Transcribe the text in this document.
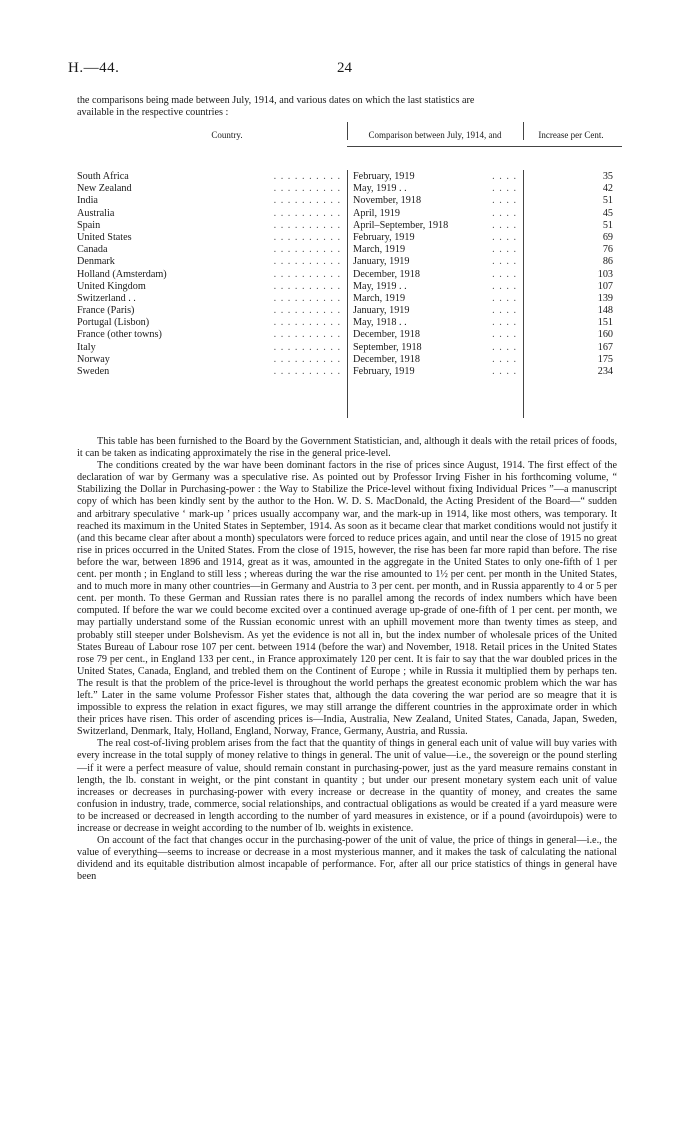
H.—44.	24
the comparisons being made between July, 1914, and various dates on which the last statistics are
available in the respective countries :
Country.	Comparison between July, 1914, and	Increase per Cent.
South Africa	. . . . . . . . . . February, 1919	. . . .	35
New Zealand	. . . . . . . . . . May, 1919 . .	. . . .	42
India	. . . . . . . . . . November, 1918	. . . .	51
Australia	. . . . . . . . . . April, 1919	. . . .	45
Spain	. . . . . . . . . . April–September, 1918	. . . .	51
United States	. . . . . . . . . . February, 1919	. . . .	69
Canada	. . . . . . . . . . March, 1919	. . . .	76
Denmark	. . . . . . . . . . January, 1919	. . . .	86
Holland (Amsterdam)	. . . . . . . . . . December, 1918	. . . .	103
United Kingdom	. . . . . . . . . . May, 1919 . .	. . . .	107
Switzerland . .	. . . . . . . . . . March, 1919	. . . .	139
France (Paris)	. . . . . . . . . . January, 1919	. . . .	148
Portugal (Lisbon)	. . . . . . . . . . May, 1918 . .	. . . .	151
France (other towns)	. . . . . . . . . . December, 1918	. . . .	160
Italy	. . . . . . . . . . September, 1918	. . . .	167
Norway	. . . . . . . . . . December, 1918	. . . .	175
Sweden	. . . . . . . . . . February, 1919	. . . .	234

This table has been furnished to the Board by the Government Statistician, and, although it deals with the retail prices of foods, it can be taken as indicating approximately the rise in the general price-level.

The conditions created by the war have been dominant factors in the rise of prices since August, 1914. The first effect of the declaration of war by Germany was a speculative rise. As pointed out by Professor Irving Fisher in his forthcoming volume, “ Stabilizing the Dollar in Purchasing-power : the Way to Stabilize the Price-level without fixing Individual Prices ”—a manuscript copy of which has been kindly sent by the author to the Hon. W. D. S. MacDonald, the Acting President of the Board—“ sudden and arbitrary speculative ‘ mark-up ’ prices usually accompany war, and the mark-up in 1914, like most others, was temporary. It reached its maximum in the United States in September, 1914. As soon as it became clear that market conditions would not justify it (and this became clear after about a month) speculators were forced to reduce prices again, and until near the close of 1915 no great rise in prices occurred in the United States. From the close of 1915, however, the rise has been far more rapid than before. The rise before the war, between 1896 and 1914, great as it was, amounted in the aggregate in the United States to only one-fifth of 1 per cent. per month ; in England to still less ; whereas during the war the rise amounted to 1½ per cent. per month in the United States, and to much more in many other countries—in Germany and Austria to 3 per cent. per month, and in Russia apparently to 4 or 5 per cent. per month. To these German and Russian rates there is no parallel among the records of index numbers which have been computed. If before the war we could become excited over a continued average up-grade of one-fifth of 1 per cent. per month, we may partially understand some of the Russian economic unrest with an uphill movement more than twenty times as steep, and probably still steeper under Bolshevism. As yet the evidence is not all in, but the index number of wholesale prices of the United States Bureau of Labour rose 107 per cent. between 1914 (before the war) and November, 1918. Retail prices in the United States rose 79 per cent., in England 133 per cent., in France approximately 120 per cent. It is fair to say that the war doubled prices in the United States, Canada, England, and trebled them on the Continent of Europe ; while in Russia it multiplied them by perhaps ten. The result is that the problem of the price-level is throughout the world perhaps the greatest economic problem which the war has left.” Later in the same volume Professor Fisher states that, although the data covering the war period are so meagre that it is impossible to express the relation in exact figures, we may still arrange the different countries in the approximate order in which their prices have risen. This order of ascending prices is—India, Australia, New Zealand, United States, Canada, Japan, Sweden, Switzerland, Denmark, Italy, Holland, England, Norway, France, Germany, Austria, and Russia.

The real cost-of-living problem arises from the fact that the quantity of things in general each unit of value will buy varies with every increase in the total supply of money relative to things in general. The unit of value—i.e., the sovereign or the pound sterling—if it were a perfect measure of value, should remain constant in purchasing-power, just as the yard measure remains constant in length, the lb. constant in weight, or the pint constant in quantity ; but under our present monetary system each unit of value increases or decreases in purchasing-power with every increase or decrease in the quantity of money, and creates the same confusion in industry, trade, commerce, social relationships, and contractual obligations as would be created if a yard measure were to be increased or decreased in length according to the number of yard measures in existence, or if a pound (avoirdupois) were to increase or decrease in weight according to the number of lb. weights in existence.

On account of the fact that changes occur in the purchasing-power of the unit of value, the price of things in general—i.e., the value of everything—seems to increase or decrease in a most mysterious manner, and it makes the task of calculating the national dividend and its equitable distribution almost incapable of performance. For, after all our price statistics of things in general have been
